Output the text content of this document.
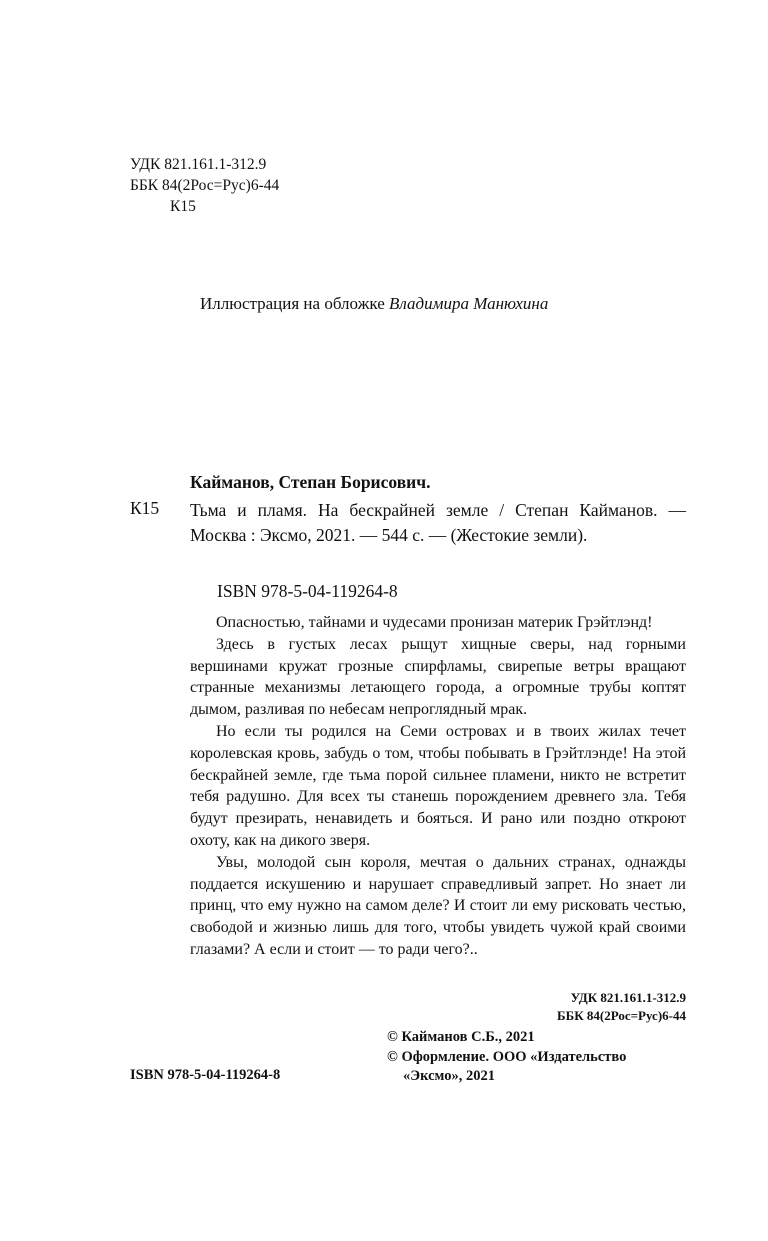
УДК 821.161.1-312.9
ББК 84(2Рос=Рус)6-44
К15
Иллюстрация на обложке Владимира Манюхина
Кайманов, Степан Борисович.
К15 Тьма и пламя. На бескрайней земле / Степан Кайманов. — Москва : Эксмо, 2021. — 544 с. — (Жестокие земли).
ISBN 978-5-04-119264-8

Опасностью, тайнами и чудесами пронизан материк Грэйтлэнд!

Здесь в густых лесах рыщут хищные сверы, над горными вершинами кружат грозные спирфламы, свирепые ветры вращают странные механизмы летающего города, а огромные трубы коптят дымом, разливая по небесам непроглядный мрак.

Но если ты родился на Семи островах и в твоих жилах течет королевская кровь, забудь о том, чтобы побывать в Грэйтлэнде! На этой бескрайней земле, где тьма порой сильнее пламени, никто не встретит тебя радушно. Для всех ты станешь порождением древнего зла. Тебя будут презирать, ненавидеть и бояться. И рано или поздно откроют охоту, как на дикого зверя.

Увы, молодой сын короля, мечтая о дальних странах, однажды поддается искушению и нарушает справедливый запрет. Но знает ли принц, что ему нужно на самом деле? И стоит ли ему рисковать честью, свободой и жизнью лишь для того, чтобы увидеть чужой край своими глазами? А если и стоит — то ради чего?..

УДК 821.161.1-312.9
ББК 84(2Рос=Рус)6-44
© Кайманов С.Б., 2021
© Оформление. ООО «Издательство
«Эксмо», 2021
ISBN 978-5-04-119264-8
